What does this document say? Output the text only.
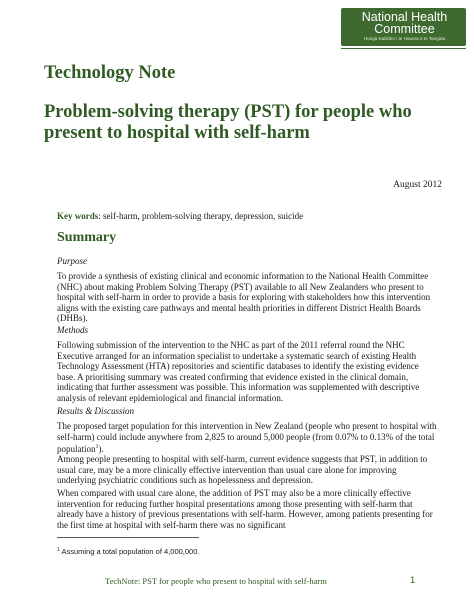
National Health
Committee
Hunga Kaitiitiro i te Hauora o te Tangata
Technology Note
Problem-solving therapy (PST) for people who present to hospital with self-harm
August 2012
Key words: self-harm, problem-solving therapy, depression, suicide
Summary
Purpose

To provide a synthesis of existing clinical and economic information to the National Health Committee (NHC) about making Problem Solving Therapy (PST) available to all New Zealanders who present to hospital with self-harm in order to provide a basis for exploring with stakeholders how this intervention aligns with the existing care pathways and mental health priorities in different District Health Boards (DHBs).

Methods

Following submission of the intervention to the NHC as part of the 2011 referral round the NHC Executive arranged for an information specialist to undertake a systematic search of existing Health Technology Assessment (HTA) repositories and scientific databases to identify the existing evidence base. A prioritising summary was created confirming that evidence existed in the clinical domain, indicating that further assessment was possible. This information was supplemented with descriptive analysis of relevant epidemiological and financial information.

Results & Discussion

The proposed target population for this intervention in New Zealand (people who present to hospital with self-harm) could include anywhere from 2,825 to around 5,000 people (from 0.07% to 0.13% of the total population$^1$).

Among people presenting to hospital with self-harm, current evidence suggests that PST, in addition to usual care, may be a more clinically effective intervention than usual care alone for improving underlying psychiatric conditions such as hopelessness and depression.

When compared with usual care alone, the addition of PST may also be a more clinically effective intervention for reducing further hospital presentations among those presenting with self-harm that already have a history of previous presentations with self-harm. However, among patients presenting for the first time at hospital with self-harm there was no significant

$^1$ Assuming a total population of 4,000,000.
TechNote: PST for people who present to hospital with self-harm	1
